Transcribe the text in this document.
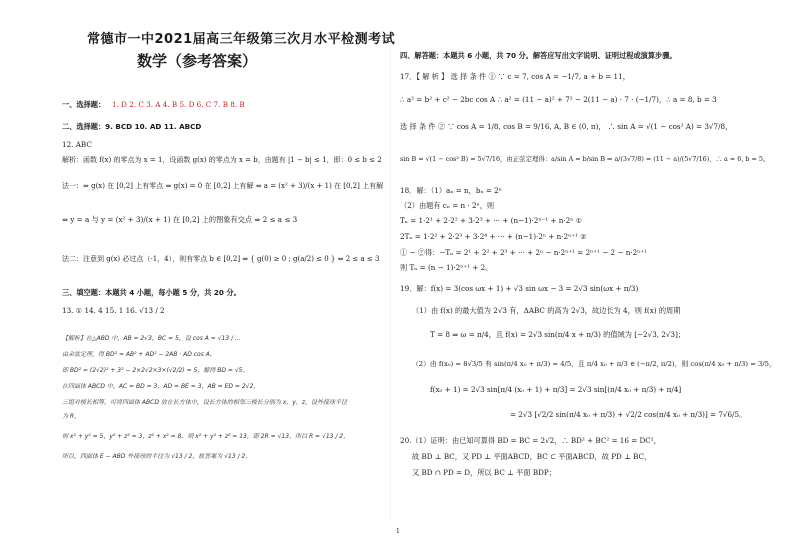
常德市一中2021届高三年级第三次月水平检测考试
数学（参考答案）
一、选择题： 1. D 2. C 3. A 4. B 5. D 6. C 7. B 8. B
二、选择题：9. BCD 10. AD 11. ABCD
12. ABC
解析：函数 f(x) 的零点为 x = 1，设函数 g(x) 的零点为 x = b，由题有 |1 − b| ≤ 1，即：0 ≤ b ≤ 2
法一：⇔ g(x) 在 [0,2] 上有零点 ⇔ g(x) = 0 在 [0,2] 上有解 ⇔ a = (x² + 3)/(x + 1) 在 [0,2] 上有解
⇔ y = a 与 y = (x² + 3)/(x + 1) 在 [0,2] 上的图象有交点 ⇔ 2 ≤ a ≤ 3
法二：注意到 g(x) 必过点（-1，4），则有零点 b ∈ [0,2] ⇔ { g(0) ≥ 0 ; g(a/2) ≤ 0 } ⇔ 2 ≤ a ≤ 3
三、填空题：本题共 4 小题，每小题 5 分，共 20 分。
13. ① 14. 4 15. 1 16. √13 / 2
【解析】在△ABD 中，AB = 2√3，BC = 5，设 cos A = √13 / ...
由余弦定理，得 BD² = AB² + AD² − 2AB · AD cos A，
即 BD² = (2√2)² + 3² − 2×2√2×3×(√2/2) = 5，解得 BD = √5。
在四面体 ABCD 中，AC = BD = 3，AD = BE = 3，AB = ED = 2√2，
三组对棱长相等，可将四面体 ABCD 放在长方体中，设长方体的相邻三棱长分别为 x，y，z，设外接球半径
为 R，
则 x² + y² = 5，y² + z² = 3，z² + x² = 8，则 x² + y² + z² = 13，即 2R = √13，所以 R = √13 / 2，
所以，四面体 E − ABD 外接球的半径为 √13 / 2，故答案为 √13 / 2。
四、解答题：本题共 6 小题，共 70 分。解答应写出文字说明、证明过程或演算步骤。
17．【 解 析 】 选 择 条 件 ① ∵ c = 7, cos A = −1/7, a + b = 11，
∴ a² = b² + c² − 2bc cos A ∴ a² = (11 − a)² + 7² − 2(11 − a) · 7 · (−1/7)，∴ a = 8, b = 3
选 择 条 件 ② ∵ cos A = 1/8, cos B = 9/16, A, B ∈ (0, π)， ∴ sin A = √(1 − cos² A) = 3√7/8，
sin B = √(1 − cos² B) = 5√7/16，由正弦定理得：a/sin A = b/sin B ⇒ a/(3√7/8) = (11 − a)/(5√7/16)，∴ a = 6, b = 5。
18．解：（1）aₙ = n，bₙ = 2ⁿ
（2）由题有 cₙ = n · 2ⁿ，则
Tₙ = 1·2¹ + 2·2² + 3·2³ + ··· + (n−1)·2ⁿ⁻¹ + n·2ⁿ ①
2Tₙ = 1·2² + 2·2³ + 3·2⁴ + ··· + (n−1)·2ⁿ + n·2ⁿ⁺¹ ②
① − ②得：−Tₙ = 2¹ + 2² + 2³ + ··· + 2ⁿ − n·2ⁿ⁺¹ = 2ⁿ⁺¹ − 2 − n·2ⁿ⁺¹
则 Tₙ = (n − 1)·2ⁿ⁺¹ + 2。
19．解：f(x) = 3(cos ωx + 1) + √3 sin ωx − 3 = 2√3 sin(ωx + π/3)
（1）由 f(x) 的最大值为 2√3 有，ΔABC 的高为 2√3，故边长为 4，则 f(x) 的周期
T = 8 ⇒ ω = π/4，且 f(x) = 2√3 sin(π/4 x + π/3) 的值域为 [−2√3, 2√3]；
（2）由 f(x₀) = 8√3/5 有 sin(π/4 x₀ + π/3) = 4/5，且 π/4 x₀ + π/3 ∈ (−π/2, π/2)，则 cos(π/4 x₀ + π/3) = 3/5，
f(x₀ + 1) = 2√3 sin[π/4 (x₀ + 1) + π/3] = 2√3 sin[(π/4 x₀ + π/3) + π/4]
= 2√3 [√2/2 sin(π/4 x₀ + π/3) + √2/2 cos(π/4 x₀ + π/3)] = 7√6/5。
20.（1）证明：由已知可算得 BD = BC = 2√2，∴ BD² + BC² = 16 = DC²，
故 BD ⊥ BC，又 PD ⊥ 平面ABCD，BC ⊂ 平面ABCD，故 PD ⊥ BC，
又 BD ∩ PD = D，所以 BC ⊥ 平面 BDP；
1
